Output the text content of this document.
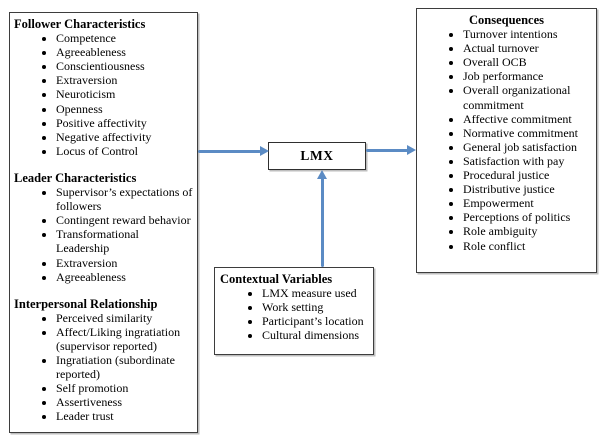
Follower Characteristics
• Competence
• Agreeableness
• Conscientiousness
• Extraversion
• Neuroticism
• Openness
• Positive affectivity
• Negative affectivity
• Locus of Control
Leader Characteristics
• Supervisor’s expectations of followers
• Contingent reward behavior
• Transformational Leadership
• Extraversion
• Agreeableness
Interpersonal Relationship
• Perceived similarity
• Affect/Liking ingratiation (supervisor reported)
• Ingratiation (subordinate reported)
• Self promotion
• Assertiveness
• Leader trust
LMX
Contextual Variables
• LMX measure used
• Work setting
• Participant’s location
• Cultural dimensions
Consequences
• Turnover intentions
• Actual turnover
• Overall OCB
• Job performance
• Overall organizational commitment
• Affective commitment
• Normative commitment
• General job satisfaction
• Satisfaction with pay
• Procedural justice
• Distributive justice
• Empowerment
• Perceptions of politics
• Role ambiguity
• Role conflict
